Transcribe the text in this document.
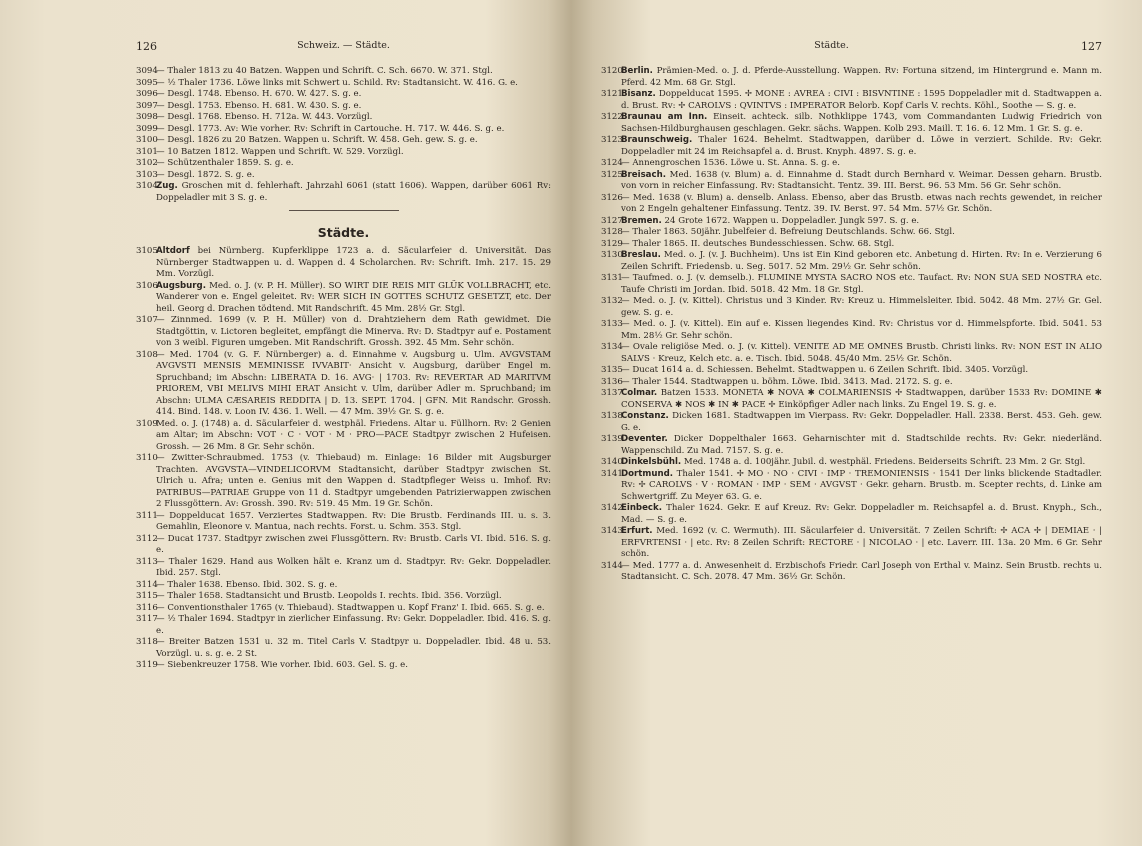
126	Schweiz. — Städte.

3094
— Thaler 1813 zu 40 Batzen. Wappen und Schrift. C. Sch. 6670. W. 371. Stgl.

3095
— ½ Thaler 1736. Löwe links mit Schwert u. Schild. Rv: Stadtansicht. W. 416. G. e.

3096
— Desgl. 1748. Ebenso. H. 670. W. 427. S. g. e.

3097
— Desgl. 1753. Ebenso. H. 681. W. 430. S. g. e.

3098
— Desgl. 1768. Ebenso. H. 712a. W. 443. Vorzügl.

3099
— Desgl. 1773. Av: Wie vorher. Rv: Schrift in Cartouche. H. 717. W. 446. S. g. e.

3100
— Desgl. 1826 zu 20 Batzen. Wappen u. Schrift. W. 458. Geh. gew. S. g. e.

3101
— 10 Batzen 1812. Wappen und Schrift. W. 529. Vorzügl.

3102
— Schützenthaler 1859. S. g. e.

3103
— Desgl. 1872. S. g. e.

3104
Zug. Groschen mit d. fehlerhaft. Jahrzahl 6061 (statt 1606). Wappen, darüber 6061 Rv: Doppeladler mit 3 S. g. e.

Städte.

3105
Altdorf bei Nürnberg. Kupferklippe 1723 a. d. Säcularfeier d. Universität. Das Nürnberger Stadtwappen u. d. Wappen d. 4 Scholarchen. Rv: Schrift. Imh. 217. 15. 29 Mm. Vorzügl.

3106
Augsburg. Med. o. J. (v. P. H. Müller). SO WIRT DIE REIS MIT GLÜK VOLLBRACHT, etc. Wanderer von e. Engel geleitet. Rv: WER SICH IN GOTTES SCHUTZ GESETZT, etc. Der heil. Georg d. Drachen tödtend. Mit Randschrift. 45 Mm. 28½ Gr. Stgl.

3107
— Zinnmed. 1699 (v. P. H. Müller) von d. Drahtziehern dem Rath gewidmet. Die Stadtgöttin, v. Lictoren begleitet, empfängt die Minerva. Rv: D. Stadtpyr auf e. Postament von 3 weibl. Figuren umgeben. Mit Randschrift. Grossh. 392. 45 Mm. Sehr schön.

3108
— Med. 1704 (v. G. F. Nürnberger) a. d. Einnahme v. Augsburg u. Ulm. AVGVSTAM AVGVSTI MENSIS MEMINISSE IVVABIT· Ansicht v. Augsburg, darüber Engel m. Spruchband; im Abschn: LIBERATA D. 16. AVG· | 1703. Rv: REVERTAR AD MARITVM PRIOREM, VBI MELIVS MIHI ERAT Ansicht v. Ulm, darüber Adler m. Spruchband; im Abschn: ULMA CÆSAREIS REDDITA | D. 13. SEPT. 1704. | GFN. Mit Randschr. Grossh. 414. Bind. 148. v. Loon IV. 436. 1. Well. — 47 Mm. 39½ Gr. S. g. e.

3109
Med. o. J. (1748) a. d. Säcularfeier d. westphäl. Friedens. Altar u. Füllhorn. Rv: 2 Genien am Altar; im Abschn: VOT · C · VOT · M · PRO—PACE Stadtpyr zwischen 2 Hufeisen. Grossh. — 26 Mm. 8 Gr. Sehr schön.

3110
— Zwitter-Schraubmed. 1753 (v. Thiebaud) m. Einlage: 16 Bilder mit Augsburger Trachten. AVGVSTA—VINDELICORVM Stadtansicht, darüber Stadtpyr zwischen St. Ulrich u. Afra; unten e. Genius mit den Wappen d. Stadtpfleger Weiss u. Imhof. Rv: PATRIBUS—PATRIAE Gruppe von 11 d. Stadtpyr umgebenden Patrizierwappen zwischen 2 Flussgöttern. Av: Grossh. 390. Rv: 519. 45 Mm. 19 Gr. Schön.

3111
— Doppelducat 1657. Verziertes Stadtwappen. Rv: Die Brustb. Ferdinands III. u. s. 3. Gemahlin, Eleonore v. Mantua, nach rechts. Forst. u. Schm. 353. Stgl.

3112
— Ducat 1737. Stadtpyr zwischen zwei Flussgöttern. Rv: Brustb. Carls VI. Ibid. 516. S. g. e.

3113
— Thaler 1629. Hand aus Wolken hält e. Kranz um d. Stadtpyr. Rv: Gekr. Doppeladler. Ibid. 257. Stgl.

3114
— Thaler 1638. Ebenso. Ibid. 302. S. g. e.

3115
— Thaler 1658. Stadtansicht und Brustb. Leopolds I. rechts. Ibid. 356. Vorzügl.

3116
— Conventionsthaler 1765 (v. Thiebaud). Stadtwappen u. Kopf Franz' I. Ibid. 665. S. g. e.

3117
— ½ Thaler 1694. Stadtpyr in zierlicher Einfassung. Rv: Gekr. Doppeladler. Ibid. 416. S. g. e.

3118
— Breiter Batzen 1531 u. 32 m. Titel Carls V. Stadtpyr u. Doppeladler. Ibid. 48 u. 53. Vorzügl. u. s. g. e. 2 St.

3119
— Siebenkreuzer 1758. Wie vorher. Ibid. 603. Gel. S. g. e.

Städte.	127

3120
Berlin. Prämien-Med. o. J. d. Pferde-Ausstellung. Wappen. Rv: Fortuna sitzend, im Hintergrund e. Mann m. Pferd. 42 Mm. 68 Gr. Stgl.

3121
Bisanz. Doppelducat 1595. ✢ MONE : AVREA : CIVI : BISVNTINE : 1595 Doppeladler mit d. Stadtwappen a. d. Brust. Rv: ✢ CAROLVS : QVINTVS : IMPERATOR Belorb. Kopf Carls V. rechts. Köhl., Soothe — S. g. e.

3122
Braunau am Inn. Einseit. achteck. silb. Nothklippe 1743, vom Commandanten Ludwig Friedrich von Sachsen-Hildburghausen geschlagen. Gekr. sächs. Wappen. Kolb 293. Maill. T. 16. 6. 12 Mm. 1 Gr. S. g. e.

3123
Braunschweig. Thaler 1624. Behelmt. Stadtwappen, darüber d. Löwe in verziert. Schilde. Rv: Gekr. Doppeladler mit 24 im Reichsapfel a. d. Brust. Knyph. 4897. S. g. e.

3124
— Annengroschen 1536. Löwe u. St. Anna. S. g. e.

3125
Breisach. Med. 1638 (v. Blum) a. d. Einnahme d. Stadt durch Bernhard v. Weimar. Dessen geharn. Brustb. von vorn in reicher Einfassung. Rv: Stadtansicht. Tentz. 39. III. Berst. 96. 53 Mm. 56 Gr. Sehr schön.

3126
— Med. 1638 (v. Blum) a. denselb. Anlass. Ebenso, aber das Brustb. etwas nach rechts gewendet, in reicher von 2 Engeln gehaltener Einfassung. Tentz. 39. IV. Berst. 97. 54 Mm. 57½ Gr. Schön.

3127
Bremen. 24 Grote 1672. Wappen u. Doppeladler. Jungk 597. S. g. e.

3128
— Thaler 1863. 50jähr. Jubelfeier d. Befreiung Deutschlands. Schw. 66. Stgl.

3129
— Thaler 1865. II. deutsches Bundesschiessen. Schw. 68. Stgl.

3130
Breslau. Med. o. J. (v. J. Buchheim). Uns ist Ein Kind geboren etc. Anbetung d. Hirten. Rv: In e. Verzierung 6 Zeilen Schrift. Friedensb. u. Seg. 5017. 52 Mm. 29½ Gr. Sehr schön.

3131
— Taufmed. o. J. (v. demselb.). FLUMINE MYSTA SACRO NOS etc. Taufact. Rv: NON SUA SED NOSTRA etc. Taufe Christi im Jordan. Ibid. 5018. 42 Mm. 18 Gr. Stgl.

3132
— Med. o. J. (v. Kittel). Christus und 3 Kinder. Rv: Kreuz u. Himmelsleiter. Ibid. 5042. 48 Mm. 27½ Gr. Gel. gew. S. g. e.

3133
— Med. o. J. (v. Kittel). Ein auf e. Kissen liegendes Kind. Rv: Christus vor d. Himmelspforte. Ibid. 5041. 53 Mm. 28½ Gr. Sehr schön.

3134
— Ovale religiöse Med. o. J. (v. Kittel). VENITE AD ME OMNES Brustb. Christi links. Rv: NON EST IN ALIO SALVS · Kreuz, Kelch etc. a. e. Tisch. Ibid. 5048. 45/40 Mm. 25½ Gr. Schön.

3135
— Ducat 1614 a. d. Schiessen. Behelmt. Stadtwappen u. 6 Zeilen Schrift. Ibid. 3405. Vorzügl.

3136
— Thaler 1544. Stadtwappen u. böhm. Löwe. Ibid. 3413. Mad. 2172. S. g. e.

3137
Colmar. Batzen 1533. MONETA ✱ NOVA ✱ COLMARIENSIS ✢ Stadtwappen, darüber 1533 Rv: DOMINE ✱ CONSERVA ✱ NOS ✱ IN ✱ PACE ✢ Einköpfiger Adler nach links. Zu Engel 19. S. g. e.

3138
Constanz. Dicken 1681. Stadtwappen im Vierpass. Rv: Gekr. Doppeladler. Hall. 2338. Berst. 453. Geh. gew. G. e.

3139
Deventer. Dicker Doppelthaler 1663. Geharnischter mit d. Stadtschilde rechts. Rv: Gekr. niederländ. Wappenschild. Zu Mad. 7157. S. g. e.

3140
Dinkelsbühl. Med. 1748 a. d. 100jähr. Jubil. d. westphäl. Friedens. Beiderseits Schrift. 23 Mm. 2 Gr. Stgl.

3141
Dortmund. Thaler 1541. ✢ MO · NO · CIVI · IMP · TREMONIENSIS · 1541 Der links blickende Stadtadler. Rv: ✢ CAROLVS · V · ROMAN · IMP · SEM · AVGVST · Gekr. geharn. Brustb. m. Scepter rechts, d. Linke am Schwertgriff. Zu Meyer 63. G. e.

3142
Einbeck. Thaler 1624. Gekr. E auf Kreuz. Rv: Gekr. Doppeladler m. Reichsapfel a. d. Brust. Knyph., Sch., Mad. — S. g. e.

3143
Erfurt. Med. 1692 (v. C. Wermuth). III. Säcularfeier d. Universität. 7 Zeilen Schrift: ✢ ACA ✢ | DEMIAE · | ERFVRTENSI · | etc. Rv: 8 Zeilen Schrift: RECTORE · | NICOLAO · | etc. Laverr. III. 13a. 20 Mm. 6 Gr. Sehr schön.

3144
— Med. 1777 a. d. Anwesenheit d. Erzbischofs Friedr. Carl Joseph von Erthal v. Mainz. Sein Brustb. rechts u. Stadtansicht. C. Sch. 2078. 47 Mm. 36½ Gr. Schön.
